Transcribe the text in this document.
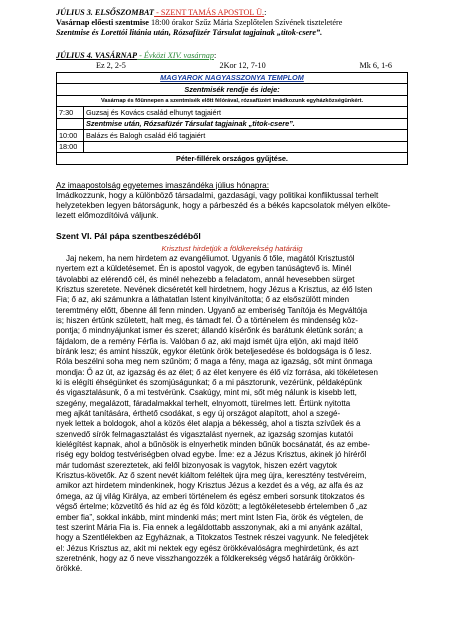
JÚLIUS 3. ELSŐSZOMBAT - SZENT TAMÁS APOSTOL Ü.:
Vasárnap előesti szentmise 18:00 órakor Szűz Mária Szeplőtelen Szívének tiszteletére
Szentmise és Lorettói litánia után, Rózsafüzér Társulat tagjainak „titok-csere”.
JÚLIUS 4. VASÁRNAP - Évközi XIV. vasárnap:
Ez 2, 2-5	2Kor 12, 7-10	Mk 6, 1-6
MAGYAROK NAGYASSZONYA TEMPLOM	
Szentmisék rendje és ideje:	
Vasárnap és főünnepen a szentmisék előtt félórával, rózsafüzért imádkozunk egyházközségünkért.	
7:30	Guzsaj és Kovács család elhunyt tagjaiért
	Szentmise után, Rózsafüzér Társulat tagjainak „titok-csere”.
10:00	Balázs és Balogh család élő tagjaiért
18:00	
Péter-fillérek országos gyűjtése.	
Az imaapostolság egyetemes imaszándéka július hónapra:
Imádkozzunk, hogy a különböző társadalmi, gazdasági, vagy politikai konfliktussal terhelt
helyzetekben legyen bátorságunk, hogy a párbeszéd és a békés kapcsolatok mélyen elköte-
lezett előmozdítóivá váljunk.
Szent VI. Pál pápa szentbeszédéből
Krisztust hirdetjük a földkerekség határáig
Jaj nekem, ha nem hirdetem az evangéliumot. Ugyanis ő tőle, magától Krisztustól
nyertem ezt a küldetésemet. Én is apostol vagyok, de egyben tanúságtevő is. Minél
távolabbi az elérendő cél, és minél nehezebb a feladatom, annál hevesebben sürget
Krisztus szeretete. Nevének dicséretét kell hirdetnem, hogy Jézus a Krisztus, az élő Isten
Fia; ő az, aki számunkra a láthatatlan Istent kinyilvánította; ő az elsőszülött minden
teremtmény előtt, őbenne áll fenn minden. Ugyanő az emberiség Tanítója és Megváltója
is; hiszen értünk született, halt meg, és támadt fel. Ő a történelem és mindenség köz-
pontja; ő mindnyájunkat ismer és szeret; állandó kísérőnk és barátunk életünk során; a
fájdalom, de a remény Férfia is. Valóban ő az, aki majd ismét újra eljön, aki majd ítélő
bíránk lesz; és amint hisszük, egykor életünk örök beteljesedése és boldogsága is ő lesz.
Róla beszélni soha meg nem szűnöm; ő maga a fény, maga az igazság, sőt mint önmaga
mondja: Ő az út, az igazság és az élet; ő az élet kenyere és élő víz forrása, aki tökéletesen
ki is elégíti éhségünket és szomjúságunkat; ő a mi pásztorunk, vezérünk, példaképünk
és vigasztalásunk, ő a mi testvérünk. Csakúgy, mint mi, sőt még nálunk is kisebb lett,
szegény, megalázott, fáradalmakkal terhelt, elnyomott, türelmes lett. Értünk nyitotta
meg ajkát tanítására, érthető csodákat, s egy új országot alapított, ahol a szegé-
nyek lettek a boldogok, ahol a közös élet alapja a békesség, ahol a tiszta szívűek és a
szenvedő sírók felmagasztalást és vigasztalást nyernek, az igazság szomjas kutatói
kielégítést kapnak, ahol a bűnösök is elnyerhetik minden bűnük bocsánatát, és az embe-
riség egy boldog testvériségben olvad egybe. Íme: ez a Jézus Krisztus, akinek jó híréről
már tudomást szereztetek, aki felől bizonyosak is vagytok, hiszen ezért vagytok
Krisztus-követők. Az ő szent nevét kiáltom feléltek újra meg újra, keresztény testvéreim,
amikor azt hirdetem mindenkinek, hogy Krisztus Jézus a kezdet és a vég, az alfa és az
ómega, az új világ Királya, az emberi történelem és egész emberi sorsunk titokzatos és
végső értelme; közvetítő és híd az ég és föld között; a legtökéletesebb értelemben ő „az
ember fia”, sokkal inkább, mint mindenki más; mert mint Isten Fia, örök és végtelen, de
test szerint Mária Fia is. Fia ennek a legáldottabb asszonynak, aki a mi anyánk azáltal,
hogy a Szentlélekben az Egyháznak, a Titokzatos Testnek részei vagyunk. Ne feledjétek
el: Jézus Krisztus az, akit mi nektek egy egész örökkévalóságra meghirdetünk, és azt
szeretnénk, hogy az ő neve visszhangozzék a földkerekség végső határáig örökkön-
örökké.
